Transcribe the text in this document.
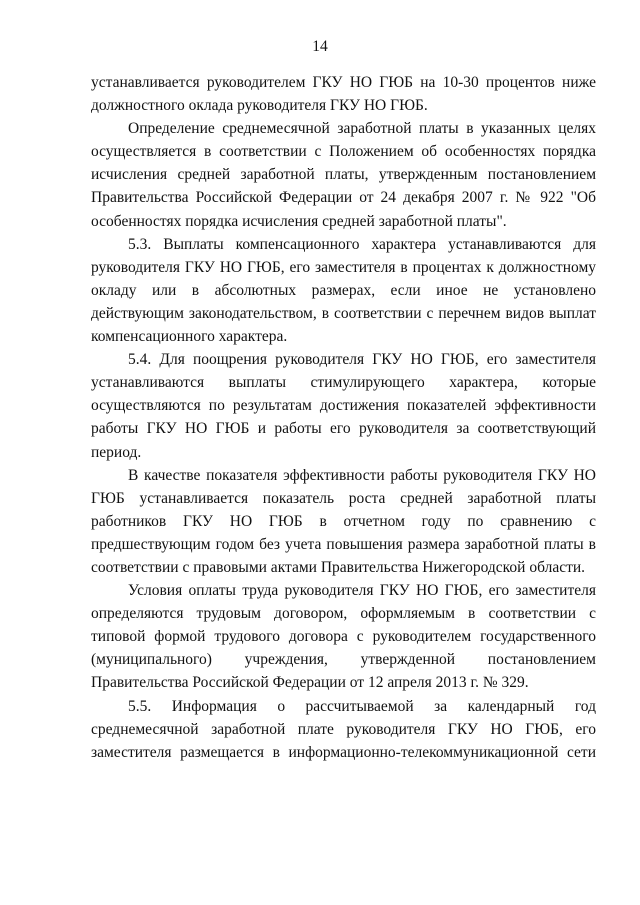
14

устанавливается руководителем ГКУ НО ГЮБ на 10-30 процентов ниже должностного оклада руководителя ГКУ НО ГЮБ.

Определение среднемесячной заработной платы в указанных целях осуществляется в соответствии с Положением об особенностях порядка исчисления средней заработной платы, утвержденным постановлением Правительства Российской Федерации от 24 декабря 2007 г. № 922 "Об особенностях порядка исчисления средней заработной платы".

5.3. Выплаты компенсационного характера устанавливаются для руководителя ГКУ НО ГЮБ, его заместителя в процентах к должностному окладу или в абсолютных размерах, если иное не установлено действующим законодательством, в соответствии с перечнем видов выплат компенсационного характера.

5.4. Для поощрения руководителя ГКУ НО ГЮБ, его заместителя устанавливаются выплаты стимулирующего характера, которые осуществляются по результатам достижения показателей эффективности работы ГКУ НО ГЮБ и работы его руководителя за соответствующий период.

В качестве показателя эффективности работы руководителя ГКУ НО ГЮБ устанавливается показатель роста средней заработной платы работников ГКУ НО ГЮБ в отчетном году по сравнению с предшествующим годом без учета повышения размера заработной платы в соответствии с правовыми актами Правительства Нижегородской области.

Условия оплаты труда руководителя ГКУ НО ГЮБ, его заместителя определяются трудовым договором, оформляемым в соответствии с типовой формой трудового договора с руководителем государственного (муниципального) учреждения, утвержденной постановлением Правительства Российской Федерации от 12 апреля 2013 г. № 329.

5.5. Информация о рассчитываемой за календарный год среднемесячной заработной плате руководителя ГКУ НО ГЮБ, его заместителя размещается в информационно-телекоммуникационной сети
